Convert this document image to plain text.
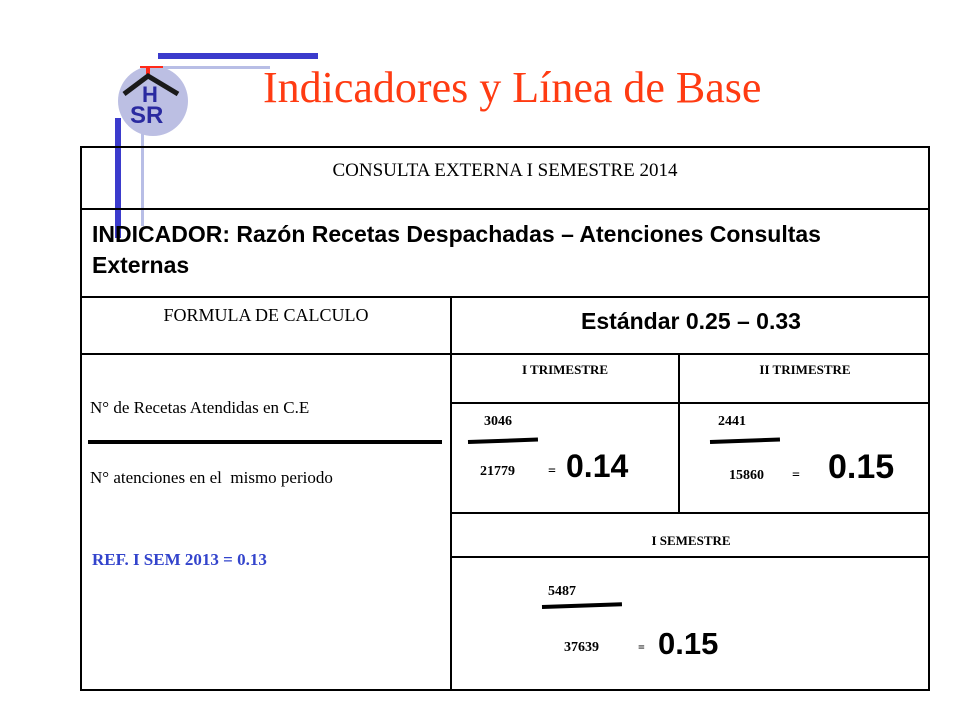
H
SR
Indicadores y Línea de Base
CONSULTA EXTERNA I SEMESTRE 2014
INDICADOR: Razón Recetas Despachadas – Atenciones Consultas Externas
FORMULA DE CALCULO	Estándar 0.25 – 0.33
N° de Recetas Atendidas en C.E
N° atenciones en el  mismo periodo
REF. I SEM 2013 = 0.13
I TRIMESTRE
3046
21779 = 0.14
II TRIMESTRE
2441
15860 = 0.15
I SEMESTRE
5487
37639	= 0.15
